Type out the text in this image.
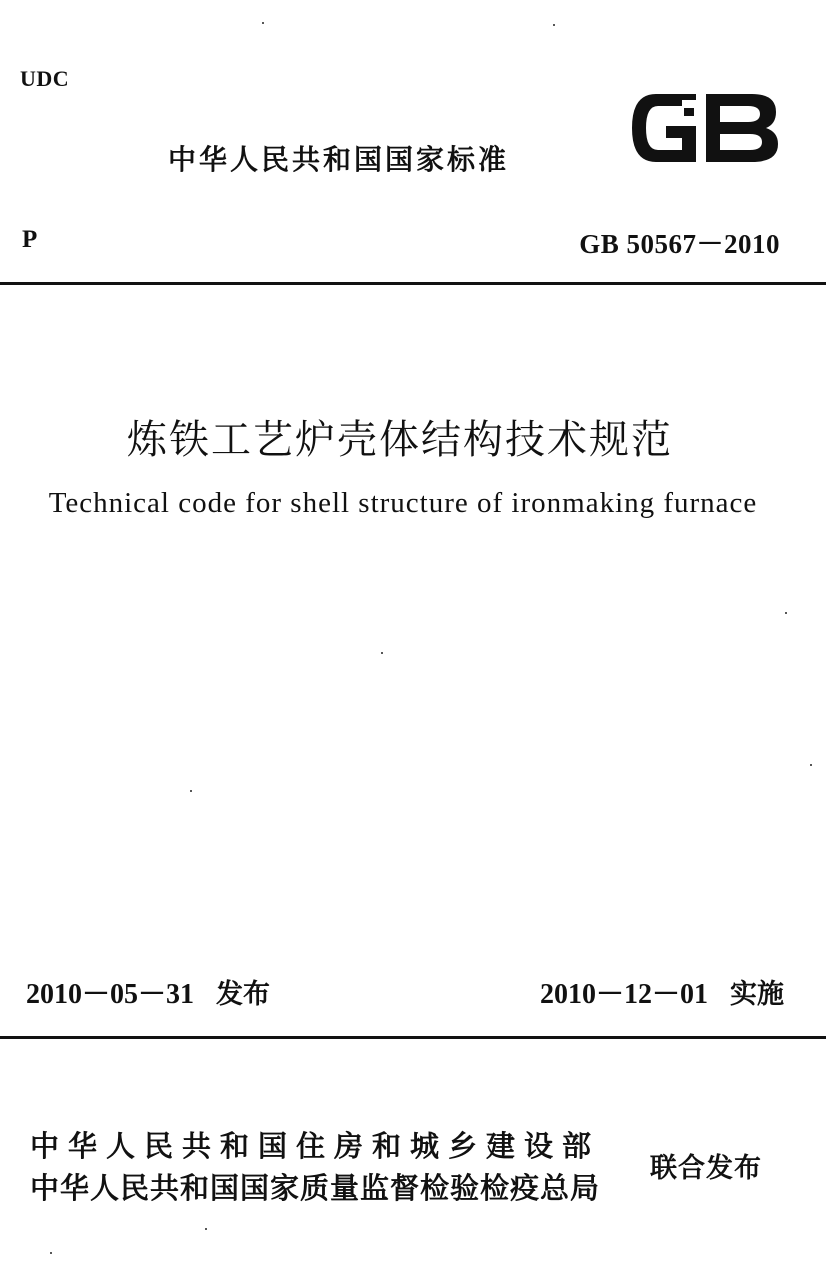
UDC
中华人民共和国国家标准
P	GB 50567－2010
炼铁工艺炉壳体结构技术规范
Technical code for shell structure of ironmaking furnace
2010－05－31 发布	2010－12－01 实施
中华人民共和国住房和城乡建设部
中华人民共和国国家质量监督检验检疫总局
联合发布
